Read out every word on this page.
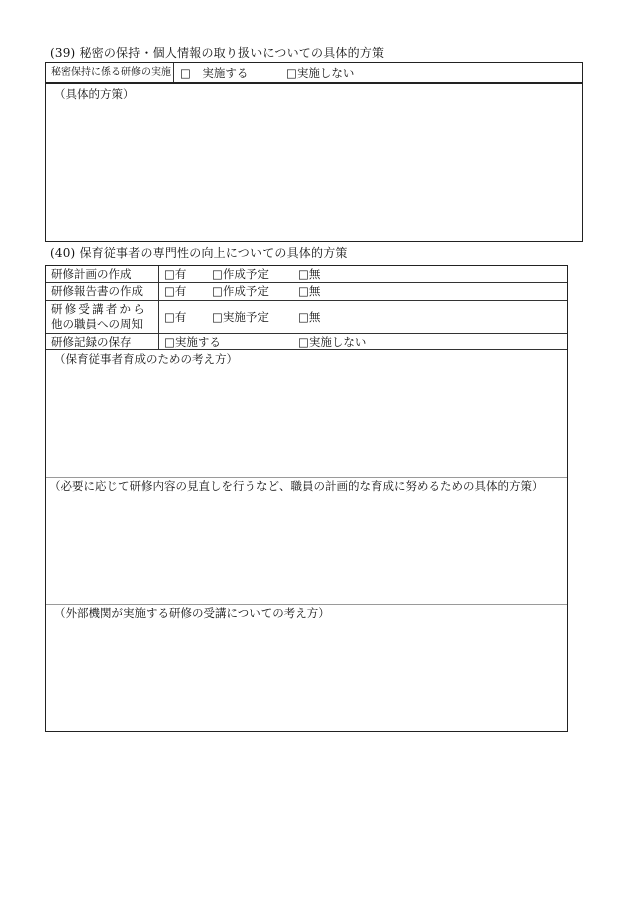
(39) 秘密の保持・個人情報の取り扱いについての具体的方策
秘密保持に係る研修の実施 □　実施する	□実施しない
（具体的方策）
(40) 保育従事者の専門性の向上についての具体的方策
研修計画の作成	□有 □作成予定	□無
研修報告書の作成 □有 □作成予定	□無
研修受講者から
他の職員への周知 □有 □実施予定	□無
研修記録の保存	□実施する	□実施しない
（保育従事者育成のための考え方）
（必要に応じて研修内容の見直しを行うなど、職員の計画的な育成に努めるための具体的方策）
（外部機関が実施する研修の受講についての考え方）
